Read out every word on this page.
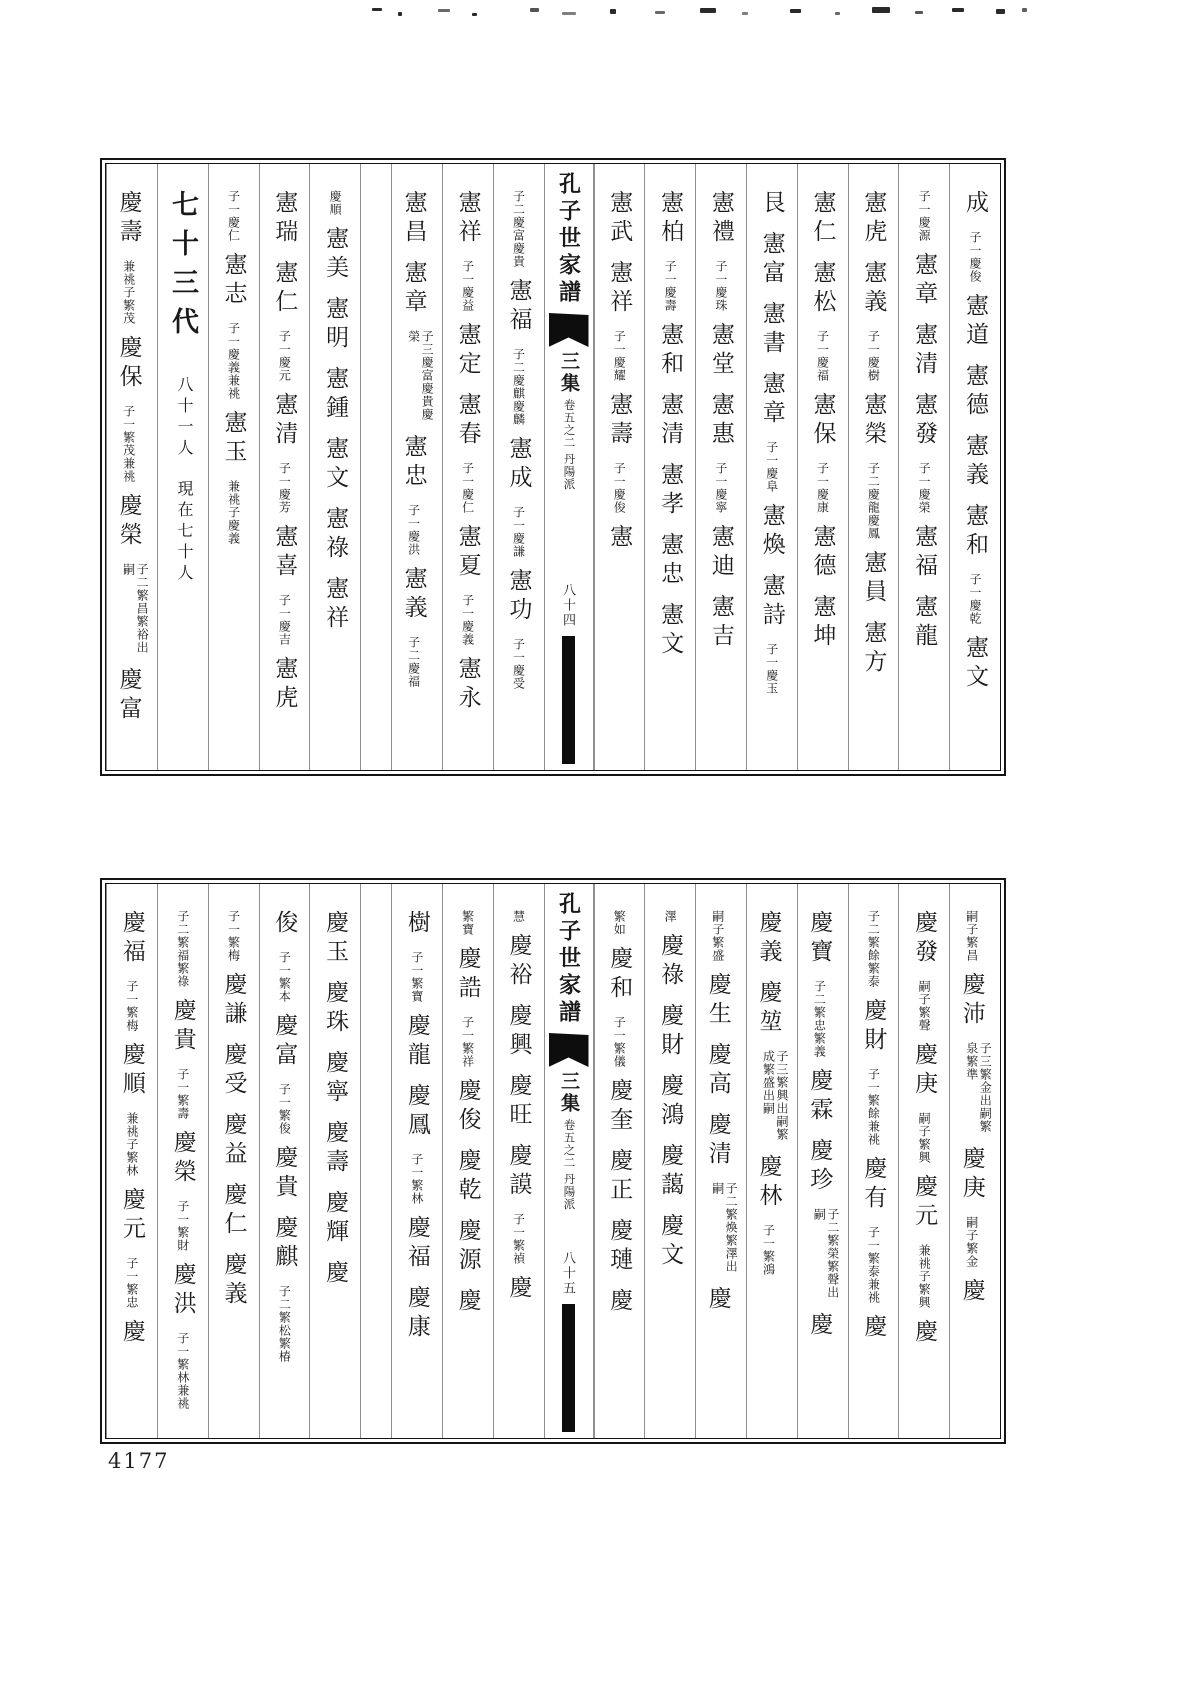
成子一慶俊憲道憲德憲義憲和子一慶乾憲文
子一慶源憲章憲清憲發子一慶榮憲福憲龍
憲虎憲義子一慶樹憲榮子二慶龍慶鳳憲員憲方
憲仁憲松子一慶福憲保子一慶康憲德憲坤
艮憲富憲書憲章子一慶阜憲煥憲詩子一慶玉
憲禮子一慶珠憲堂憲惠子一慶寧憲迪憲吉
憲柏子一慶壽憲和憲清憲孝憲忠憲文
憲武憲祥子一慶耀憲壽子一慶俊憲
孔子世家譜
三集
卷五之二
丹陽派
八十四
子二慶富慶貴憲福子二慶麒慶麟憲成子一慶謙憲功子一慶受
憲祥子一慶益憲定憲春子一慶仁憲夏子一慶義憲永
憲昌憲章子三慶富慶貴慶榮憲忠子一慶洪憲義子二慶福
慶順憲美憲明憲鍾憲文憲祿憲祥
憲瑞憲仁子一慶元憲清子一慶芳憲喜子一慶吉憲虎
子一慶仁憲志子一慶義兼祧憲玉兼祧子慶義
七十三代八十一人現在七十人
慶壽兼祧子繁茂慶保子一繁茂兼祧慶榮子二繁昌繁裕出嗣慶富
嗣子繁昌慶沛子三繁金出嗣繁泉繁準慶庚嗣子繁金慶
慶發嗣子繁聲慶庚嗣子繁興慶元兼祧子繁興慶
子二繁餘繁泰慶財子一繁餘兼祧慶有子一繁泰兼祧慶
慶寶子二繁忠繁義慶霖慶珍子二繁榮繁聲出嗣慶
慶義慶堃子三繁興出嗣繁成繁盛出嗣慶林子一繁鴻
嗣子繁盛慶生慶高慶清子二繁煥繁澤出嗣慶
澤慶祿慶財慶鴻慶藹慶文
繁如慶和子一繁儀慶奎慶正慶璉慶
孔子世家譜
三集
卷五之二
丹陽派
八十五
慧慶裕慶興慶旺慶謨子一繁禎慶
繁寶慶誥子一繁祥慶俊慶乾慶源慶
樹子一繁寶慶龍慶鳳子一繁林慶福慶康
慶玉慶珠慶寧慶壽慶輝慶
俊子一繁本慶富子一繁俊慶貴慶麒子二繁松繁椿
子一繁梅慶謙慶受慶益慶仁慶義
子二繁福繁祿慶貴子一繁壽慶榮子一繁財慶洪子一繁林兼祧
慶福子一繁梅慶順兼祧子繁林慶元子一繁忠慶
4177
